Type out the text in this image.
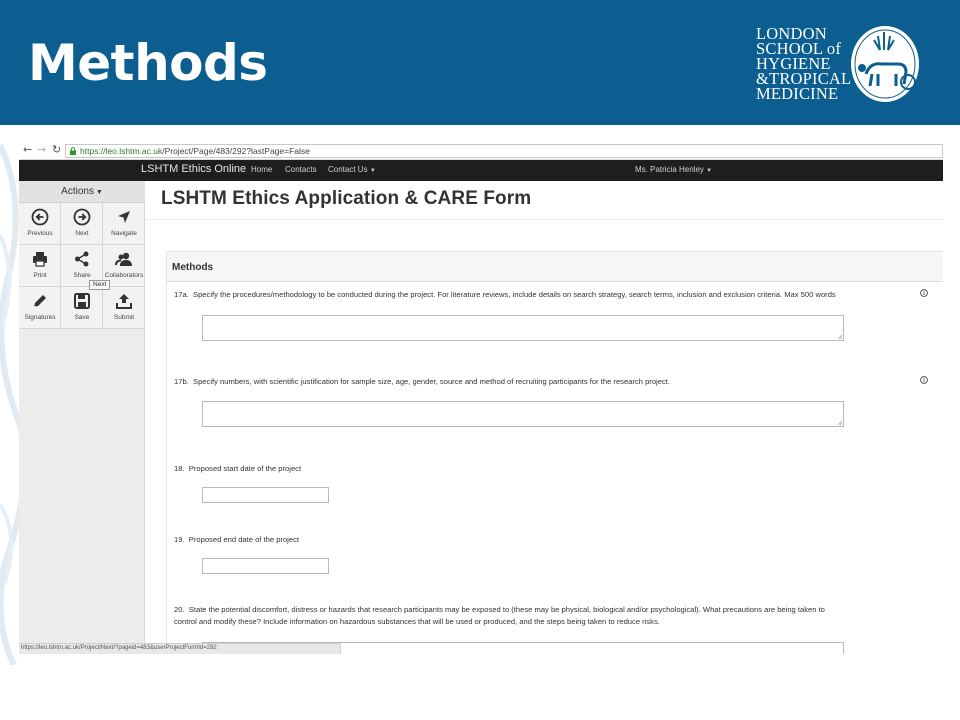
Methods
LONDON
SCHOOL of
HYGIENE
&TROPICAL
MEDICINE
← → ↻ https://leo.lshtm.ac.uk/Project/Page/483/292?lastPage=False
LSHTM Ethics Online Home Contacts Contact Us ▼	Ms. Patricia Henley ▼
Actions ▼
Previous	Next	Navigate
Print	Share	Collaborators
Signatures	Save	Submit
Next
LSHTM Ethics Application & CARE Form
Methods
17a. Specify the procedures/methodology to be conducted during the project. For literature reviews, include details on search strategy, search terms, inclusion and exclusion criteria. Max 500 words
17b. Specify numbers, with scientific justification for sample size, age, gender, source and method of recruiting participants for the research project.
18. Proposed start date of the project
19. Proposed end date of the project
20. State the potential discomfort, distress or hazards that research participants may be exposed to (these may be physical, biological and/or psychological). What precautions are being taken to
control and modify these? Include information on hazardous substances that will be used or produced, and the steps being taken to reduce risks.
https://leo.lshtm.ac.uk/Project/Next/?pageid=483&userProjectFormId=292
